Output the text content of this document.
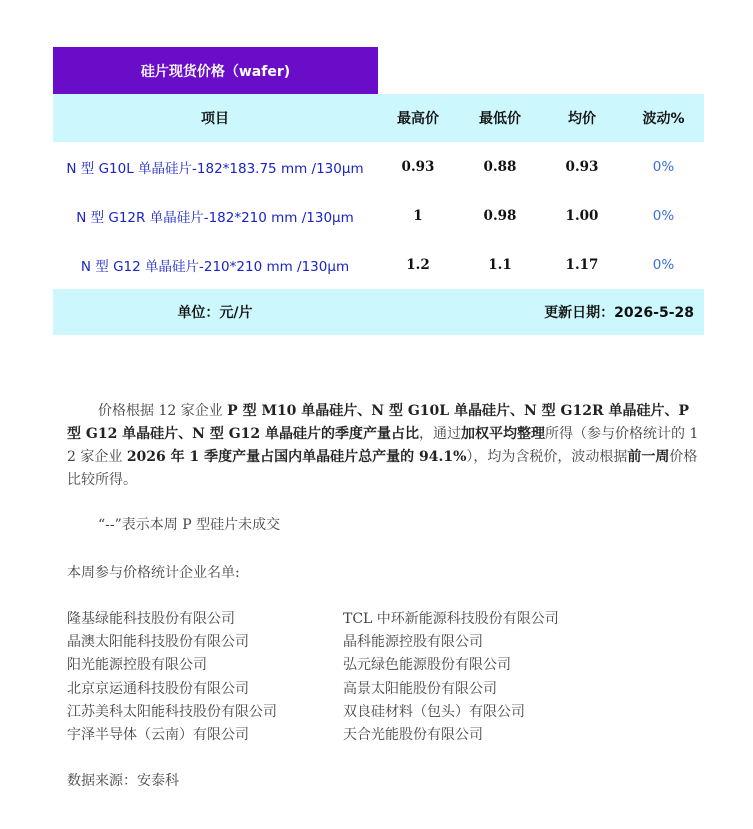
硅片现货价格（wafer)
项目	最高价	最低价	均价	波动%
N 型 G10L 单晶硅片-182*183.75 mm /130μm	0.93	0.88	0.93	0%
N 型 G12R 单晶硅片-182*210 mm /130μm	1	0.98	1.00	0%
N 型 G12 单晶硅片-210*210 mm /130μm	1.2	1.1	1.17	0%
单位：元/片	更新日期：2026-5-28

价格根据 12 家企业 P 型 M10 单晶硅片、N 型 G10L 单晶硅片、N 型 G12R 单晶硅片、P 型 G12 单晶硅片、N 型 G12 单晶硅片的季度产量占比，通过加权平均整理所得（参与价格统计的 12 家企业 2026 年 1 季度产量占国内单晶硅片总产量的 94.1%），均为含税价，波动根据前一周价格比较所得。

“--”表示本周 P 型硅片未成交
本周参与价格统计企业名单:
隆基绿能科技股份有限公司	TCL 中环新能源科技股份有限公司
晶澳太阳能科技股份有限公司	晶科能源控股有限公司
阳光能源控股有限公司	弘元绿色能源股份有限公司
北京京运通科技股份有限公司	高景太阳能股份有限公司
江苏美科太阳能科技股份有限公司	双良硅材料（包头）有限公司
宇泽半导体（云南）有限公司	天合光能股份有限公司
数据来源：安泰科
